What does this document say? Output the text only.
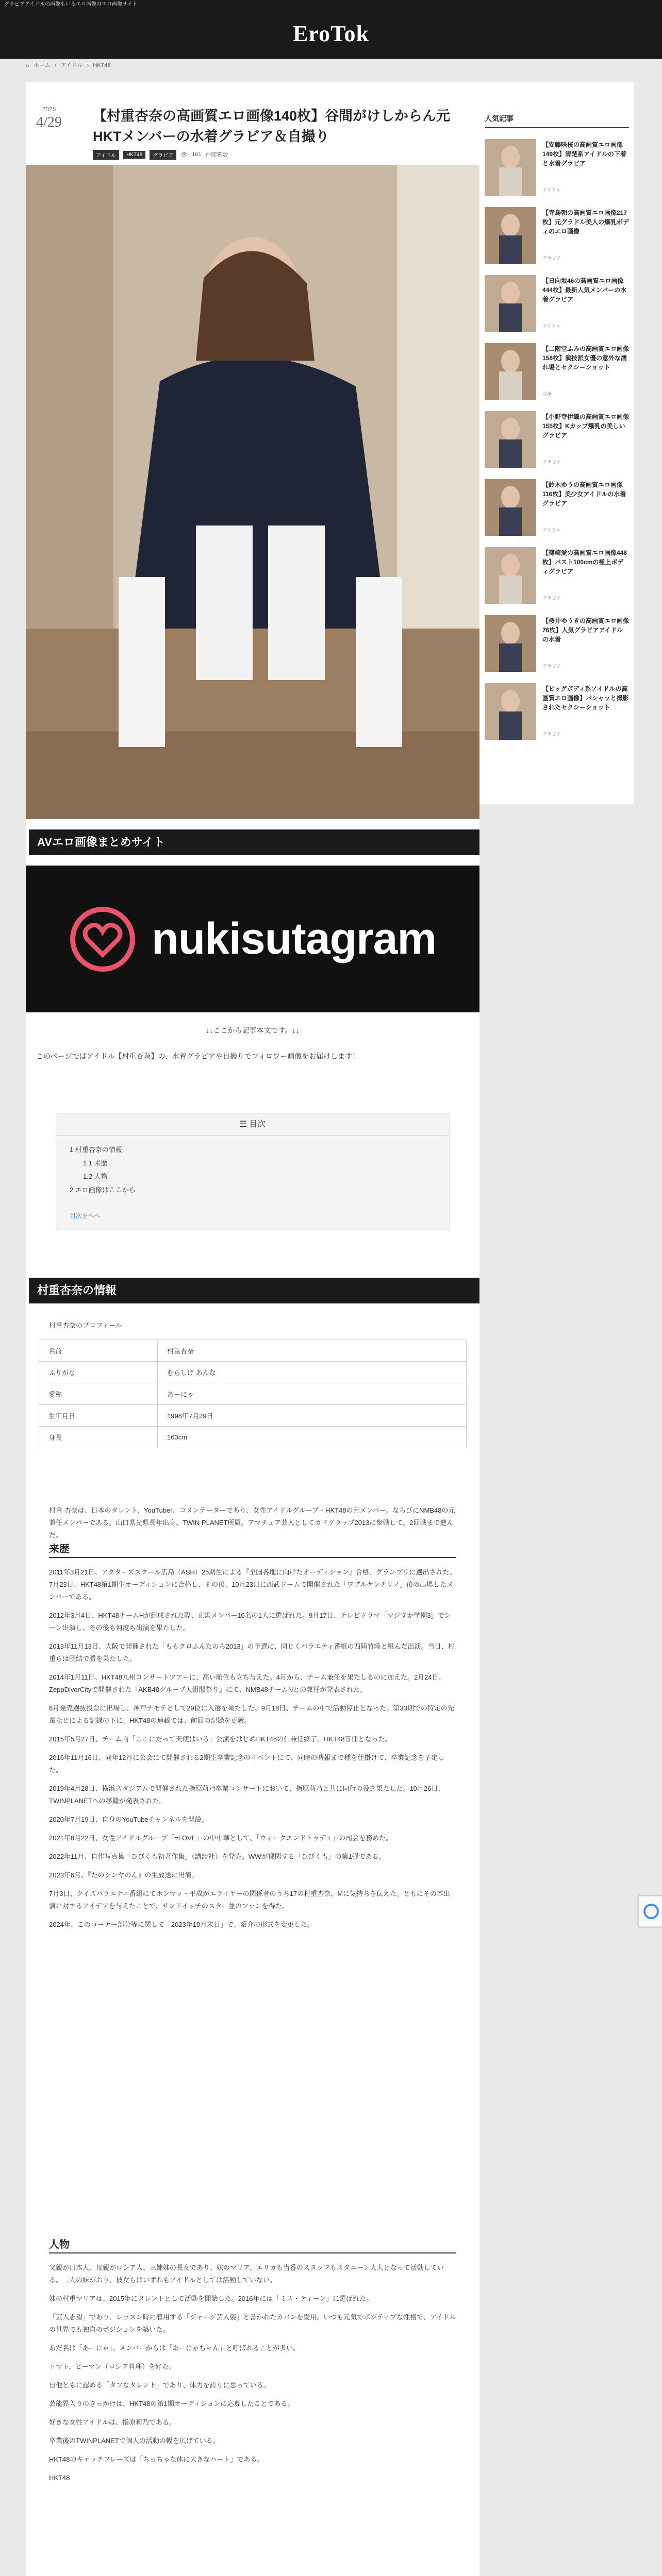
グラビアアイドルの画像もいるエロ画像のエロ画像サイト
EroTok
⌂ ホーム › アイドル › HKT48
2025
4/29	【村重杏奈の高画質エロ画像140枚】谷間がけしからん元HKTメンバーの水着グラビア＆自撮り
アイドル	HKT48	グラビア	👁 101 件閲覧数
AVエロ画像まとめサイト
nukisutagram
↓↓ここから記事本文です。↓↓

このページではアイドル【村重杏奈】の、水着グラビアや自撮りでフォロワー画像をお届けします！

☰ 目次
1 村重杏奈の情報
1.1 来歴
1.2 人物
2 エロ画像はここから
目次をへへ
村重杏奈の情報
村重杏奈のプロフィール
名前	村重杏奈
ふりがな	むらしげ あんな
愛称	あーにゃ
生年月日	1998年7月29日
身長	163cm

村重 杏奈は、日本のタレント、YouTuber、コメンテーターであり、女性アイドルグループ・HKT48の元メンバー。ならびにNMB48の元兼任メンバーである。山口県光県長年出身。TWIN PLANET所属。アマチュア芸人としてカドグラップ2013に参戦して、2回戦まで進んだ。

来歴

2011年3月21日、アクターズスクール広島（ASH）25期生による『全国各地に向けたオーディション』合格、グランプリに選出された。7月23日、HKT48第1期生オーディションに合格し、その後、10月23日に西武ドームで開催された「ワブルケンチリノ」後の出場したメンバーである。

2012年3月4日、HKT48チームHが組成された際、正規メンバー16名の1人に選ばれた。9月17日、テレビドラマ「マジすか学園3」でシーン出演し、その後も何度も出演を果たした。

2013年11月13日、大阪で開催された「ももクロふんたのら2013」の予選に、同じくバラエティ番組の西陸竹陸と組んだ出演。当日、村重らは団結で勝を果たした。

2014年1月11日、HKT48九州コンサートツアーに、高い順位も立ち与えた。4月から、チーム兼任を果たしるのに加えた。2月24日、ZeppDiverCityで開催された『AKB48グループ大組閣祭り』にて、NMB48チームNとの兼任が発表された。

6月発売選抜投票に出場し、神戸ナモテとして29位に入選を果たした。9月18日、チームの中で活動停止となった。第33期での特定の先輩などによる記録の下に、HKT48の連載では、前回の記録を更新。

2015年5月27日、チーム内「ここにだって天使はいる」公演をはじめHKT48の仁兼任終了。HKT48専任となった。

2016年11月16日、同年12月に公会にて開催される2期生卒業記念のイベントにて、同時の時報まで種を仕掛けて、卒業記念を予定した。

2019年4月28日、横浜スタジアムで開催された指原莉乃卒業コンサートにおいて、指原莉乃と共に同行の役を果たした。10月26日、TWINPLANETへの移籍が発表された。

2020年7月19日、自身のYouTubeチャンネルを開設。

2021年8月22日、女性アイドルグループ「=LOVE」の中中華として、「ウィークエンドトゥディ」の司会を務めた。

2022年11月、自作写真集「ひびくも初著作集」（講談社）を発売。WWが裸関する「ひびくも」の第1弾である。

2023年6月、『たのシンヤのん』の生放送に出演。

7月3日、クイズバラエティ番組にてホンマッ・平成がエライヤーの関係者のうち17の村重杏奈、Mに気持ちを伝えた。ともにその本出演に対するアイデアを与えたことで、サンドイッチのスター並のファンを得た。

2024年、このコーナー部分等に関して「2023年10月末日」で、紹介の形式を変更した。

人物

父親が日本人、母親がロシア人、三姉妹の長女であり、妹のマリア、エリカも当番のスタッフもスタニーン大人となって活動している。二人の妹がおり、彼女らはいずれもアイドルとしては活動していない。

妹の村重マリアは、2015年にタレントとして活動を開始した。2016年には「ミス・ティーン」に選ばれた。

「芸人志望」であり、レッスン時に着用する「ジャージ芸人姿」と書かれたカバンを愛用。いつも元気でポジティブな性格で、アイドルの世界でも独自のポジションを築いた。

あだ名は「あーにゃ」。メンバーからは「あーにゃちゃん」と呼ばれることが多い。

トマト、ピーマン（ロシア料理）を好む。

自他ともに認める「タフなタレント」であり、体力を誇りに思っている。

芸能界入りのきっかけは、HKT48の第1期オーディションに応募したことである。

好きな女性アイドルは、指原莉乃である。

卒業後のTWINPLANETで個人の活動の幅を広げている。

HKT48のキャッチフレーズは「ちっちゃな体に大きなハート」である。

HKT48

人気記事
【安藤咲桜の高画質エロ画像149枚】清楚系アイドルの下着と水着グラビア
アイドル
【寺島朝の高画質エロ画像217枚】元グラドル美人の爆乳ボディのエロ画像
グラビア
【日向坂46の高画質エロ画像444枚】最新人気メンバーの水着グラビア
アイドル
【二階堂ふみの高画質エロ画像158枚】演技派女優の意外な濡れ場とセクシーショット
女優
【小野寺伊織の高画質エロ画像155枚】Kカップ爆乳の美しいグラビア
グラビア
【鈴木ゆうの高画質エロ画像116枚】美少女アイドルの水着グラビア
アイドル
【篠崎愛の高画質エロ画像448枚】バスト100cmの極上ボディグラビア
グラビア
【桜井ゆうきの高画質エロ画像76枚】人気グラビアアイドルの水着
グラビア
【ビッグボディ系アイドルの高画質エロ画像】パシャッと撮影されたセクシーショット
グラビア
